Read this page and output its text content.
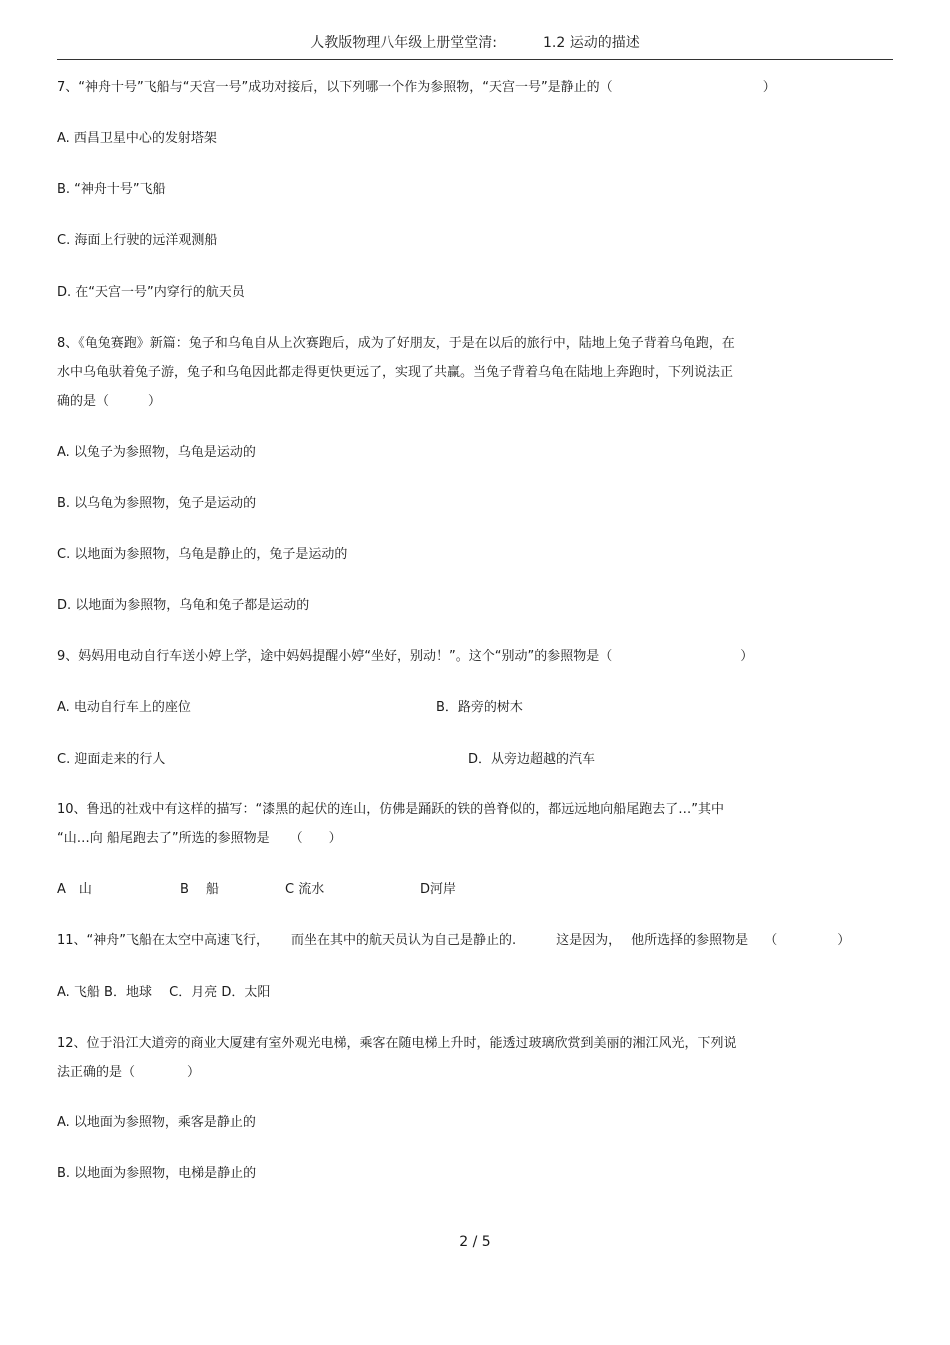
人教版物理八年级上册堂堂清:	1.2 运动的描述
7、“神舟十号”飞船与“天宫一号”成功对接后，以下列哪一个作为参照物，“天宫一号”是静止的（	）
A. 西昌卫星中心的发射塔架
B. “神舟十号”飞船
C. 海面上行驶的远洋观测船
D. 在“天宫一号”内穿行的航天员
8、《龟兔赛跑》新篇：兔子和乌龟自从上次赛跑后，成为了好朋友，于是在以后的旅行中，陆地上兔子背着乌龟跑，在
水中乌龟驮着兔子游，兔子和乌龟因此都走得更快更远了，实现了共赢。当兔子背着乌龟在陆地上奔跑时，下列说法正
确的是（　　　）
A. 以兔子为参照物，乌龟是运动的
B. 以乌龟为参照物，兔子是运动的
C. 以地面为参照物，乌龟是静止的，兔子是运动的
D. 以地面为参照物，乌龟和兔子都是运动的
9、妈妈用电动自行车送小婷上学，途中妈妈提醒小婷“坐好，别动！”。这个“别动”的参照物是（	）
A. 电动自行车上的座位	B．路旁的树木
C. 迎面走来的行人	D．从旁边超越的汽车
10、鲁迅的社戏中有这样的描写：“漆黑的起伏的连山，仿佛是踊跃的铁的兽脊似的，都远远地向船尾跑去了…”其中
“山…向 船尾跑去了”所选的参照物是 （　　）
A　山	B　 船	C 流水	D河岸
11、“神舟”飞船在太空中高速飞行， 而坐在其中的航天员认为自己是静止的.	这是因为， 他所选择的参照物是 （	）
A. 飞船 B．地球　 C．月亮 D．太阳
12、位于沿江大道旁的商业大厦建有室外观光电梯，乘客在随电梯上升时，能透过玻璃欣赏到美丽的湘江风光，下列说
法正确的是（　　　　）
A. 以地面为参照物，乘客是静止的
B. 以地面为参照物，电梯是静止的
2 / 5
